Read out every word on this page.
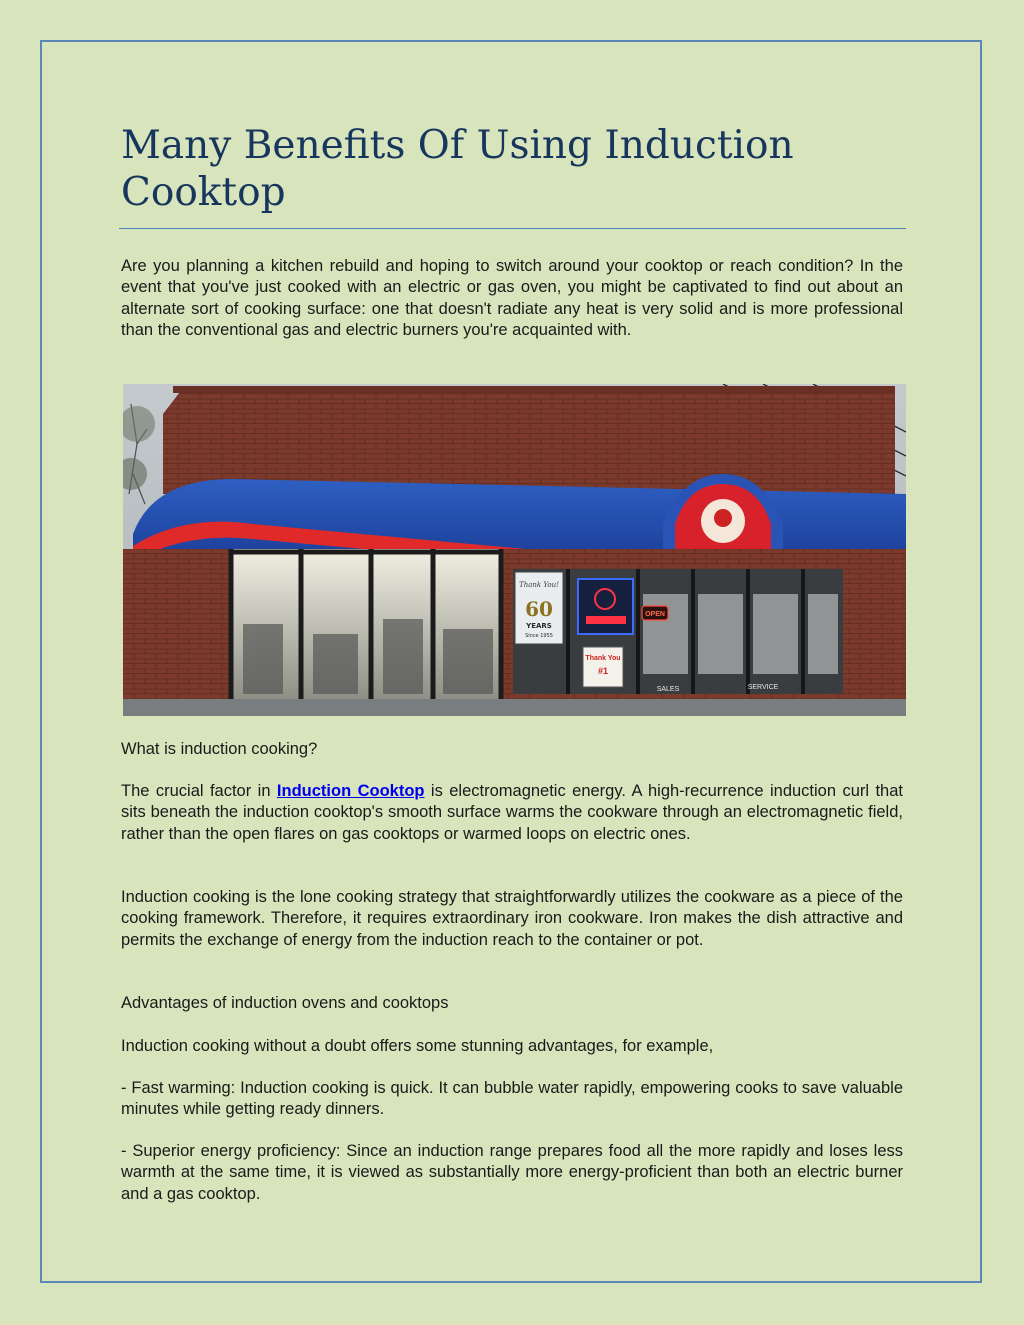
Many Benefits Of Using Induction Cooktop

Are you planning a kitchen rebuild and hoping to switch around your cooktop or reach condition? In the event that you've just cooked with an electric or gas oven, you might be captivated to find out about an alternate sort of cooking surface: one that doesn't radiate any heat is very solid and is more professional than the conventional gas and electric burners you're acquainted with.

Thank You!
60
YEARS
Since 1955
Thank You
#1
OPEN
SALES	SERVICE

What is induction cooking?

The crucial factor in Induction Cooktop is electromagnetic energy. A high-recurrence induction curl that sits beneath the induction cooktop's smooth surface warms the cookware through an electromagnetic field, rather than the open flares on gas cooktops or warmed loops on electric ones.

Induction cooking is the lone cooking strategy that straightforwardly utilizes the cookware as a piece of the cooking framework. Therefore, it requires extraordinary iron cookware. Iron makes the dish attractive and permits the exchange of energy from the induction reach to the container or pot.

Advantages of induction ovens and cooktops

Induction cooking without a doubt offers some stunning advantages, for example,

- Fast warming: Induction cooking is quick. It can bubble water rapidly, empowering cooks to save valuable minutes while getting ready dinners.

- Superior energy proficiency: Since an induction range prepares food all the more rapidly and loses less warmth at the same time, it is viewed as substantially more energy-proficient than both an electric burner and a gas cooktop.
